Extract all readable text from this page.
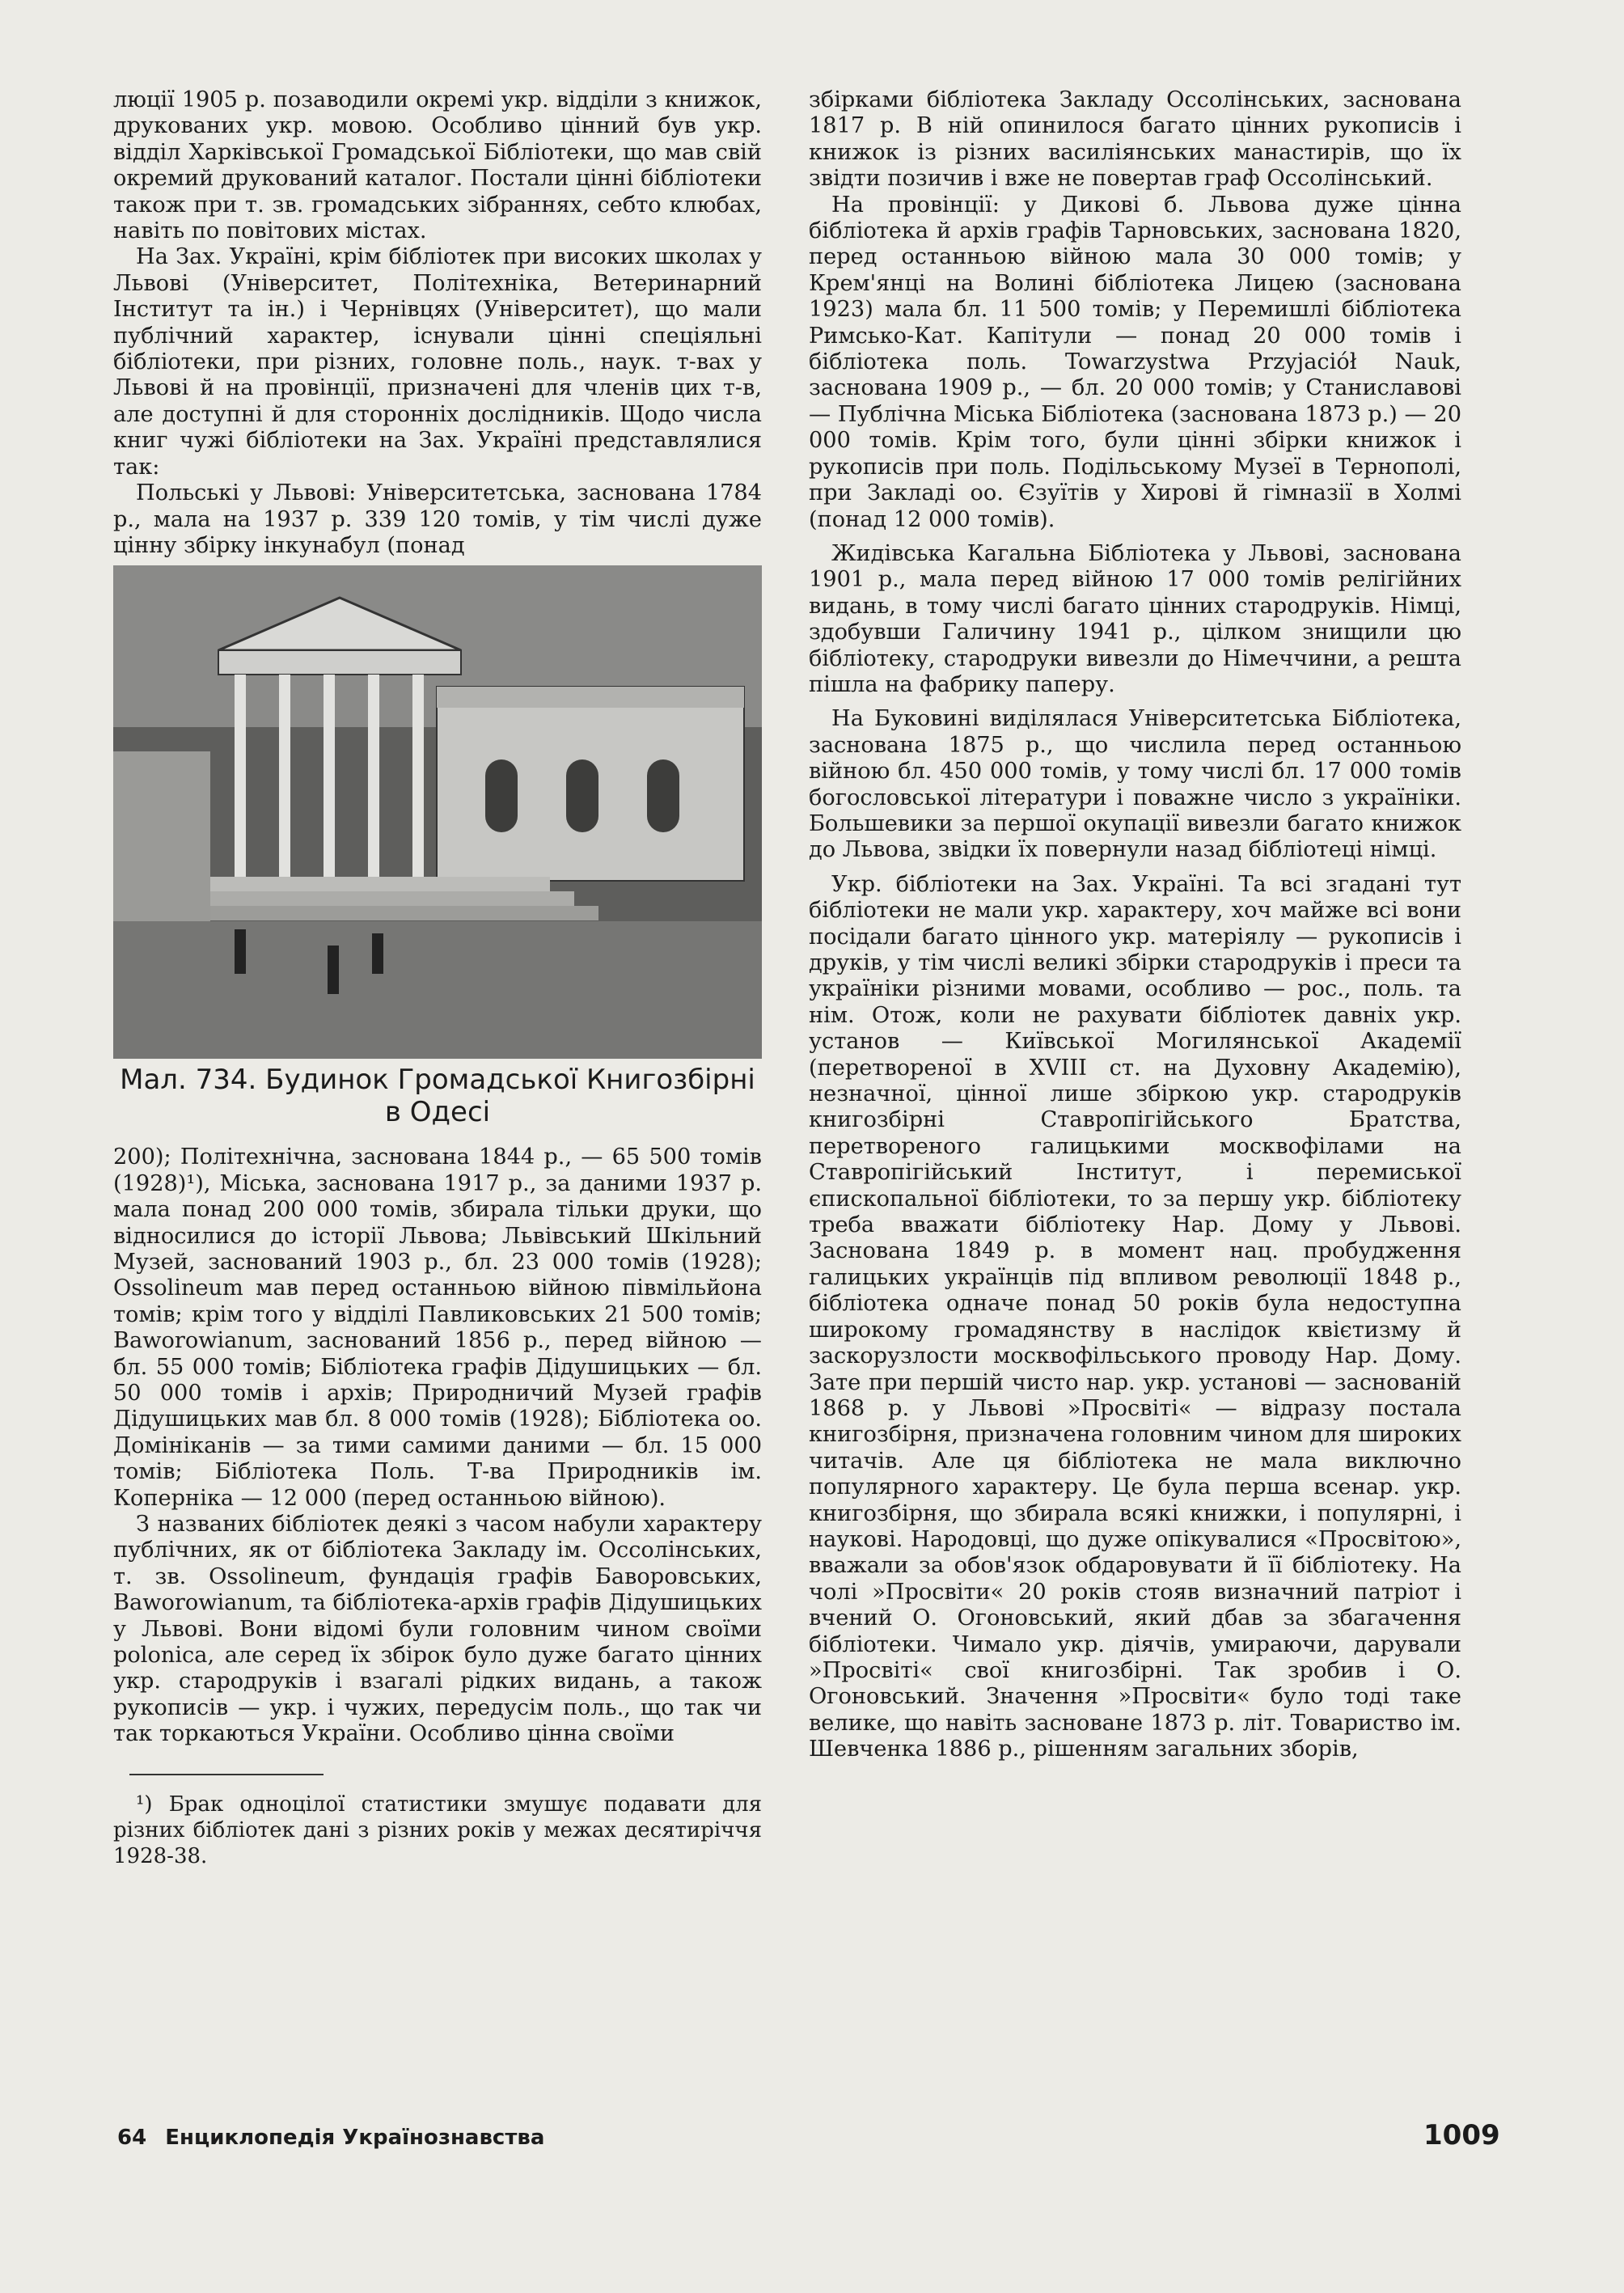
люції 1905 р. позаводили окремі укр. відділи з книжок, друкованих укр. мовою. Особливо цінний був укр. відділ Харківської Громадської Бібліотеки, що мав свій окремий друкований каталог. Постали цінні бібліотеки також при т. зв. громадських зібраннях, себто клюбах, навіть по повітових містах.

На Зах. Україні, крім бібліотек при високих школах у Львові (Університет, Політехніка, Ветеринарний Інститут та ін.) і Чернівцях (Університет), що мали публічний характер, існували цінні спеціяльні бібліотеки, при різних, головне поль., наук. т-вах у Львові й на провінції, призначені для членів цих т-в, але доступні й для сторонніх дослідників. Щодо числа книг чужі бібліотеки на Зах. Україні представлялися так:

Польські у Львові: Університетська, заснована 1784 р., мала на 1937 р. 339 120 томів, у тім числі дуже цінну збірку інкунабул (понад

Мал. 734. Будинок Громадської Книгозбірні в Одесі

200); Політехнічна, заснована 1844 р., — 65 500 томів (1928)¹), Міська, заснована 1917 р., за даними 1937 р. мала понад 200 000 томів, збирала тільки друки, що відносилися до історії Львова; Львівський Шкільний Музей, заснований 1903 р., бл. 23 000 томів (1928); Ossolineum мав перед останньою війною півмільйона томів; крім того у відділі Павликовських 21 500 томів; Baworowianum, заснований 1856 р., перед війною — бл. 55 000 томів; Бібліотека графів Дідушицьких — бл. 50 000 томів і архів; Природничий Музей графів Дідушицьких мав бл. 8 000 томів (1928); Бібліотека оо. Домініканів — за тими самими даними — бл. 15 000 томів; Бібліотека Поль. Т-ва Природників ім. Коперніка — 12 000 (перед останньою війною).

З названих бібліотек деякі з часом набули характеру публічних, як от бібліотека Закладу ім. Оссолінських, т. зв. Ossolineum, фундація графів Баворовських, Baworowianum, та бібліотека-архів графів Дідушицьких у Львові. Вони відомі були головним чином своїми polonica, але серед їх збірок було дуже багато цінних укр. стародруків і взагалі рідких видань, а також рукописів — укр. і чужих, передусім поль., що так чи так торкаються України. Особливо цінна своїми

¹) Брак одноцілої статистики змушує подавати для різних бібліотек дані з різних років у межах десятиріччя 1928-38.

збірками бібліотека Закладу Оссолінських, заснована 1817 р. В ній опинилося багато цінних рукописів і книжок із різних василіянських манастирів, що їх звідти позичив і вже не повертав граф Оссолінський.

На провінції: у Дикові б. Львова дуже цінна бібліотека й архів графів Тарновських, заснована 1820, перед останньою війною мала 30 000 томів; у Крем'янці на Волині бібліотека Лицею (заснована 1923) мала бл. 11 500 томів; у Перемишлі бібліотека Римсько-Кат. Капітули — понад 20 000 томів і бібліотека поль. Towarzystwa Przyjaciół Nauk, заснована 1909 р., — бл. 20 000 томів; у Станиславові — Публічна Міська Бібліотека (заснована 1873 р.) — 20 000 томів. Крім того, були цінні збірки книжок і рукописів при поль. Подільському Музеї в Тернополі, при Закладі оо. Єзуїтів у Хирові й гімназії в Холмі (понад 12 000 томів).

Жидівська Кагальна Бібліотека у Львові, заснована 1901 р., мала перед війною 17 000 томів релігійних видань, в тому числі багато цінних стародруків. Німці, здобувши Галичину 1941 р., цілком знищили цю бібліотеку, стародруки вивезли до Німеччини, а решта пішла на фабрику паперу.

На Буковині виділялася Університетська Бібліотека, заснована 1875 р., що числила перед останньою війною бл. 450 000 томів, у тому числі бл. 17 000 томів богословської літератури і поважне число з україніки. Большевики за першої окупації вивезли багато книжок до Львова, звідки їх повернули назад бібліотеці німці.

Укр. бібліотеки на Зах. Україні. Та всі згадані тут бібліотеки не мали укр. характеру, хоч майже всі вони посідали багато цінного укр. матеріялу — рукописів і друків, у тім числі великі збірки стародруків і преси та україніки різними мовами, особливо — рос., поль. та нім. Отож, коли не рахувати бібліотек давніх укр. установ — Київської Могилянської Академії (перетвореної в XVIII ст. на Духовну Академію), незначної, цінної лише збіркою укр. стародруків книгозбірні Ставропігійського Братства, перетвореного галицькими москвофілами на Ставропігійський Інститут, і перемиської єпископальної бібліотеки, то за першу укр. бібліотеку треба вважати бібліотеку Нар. Дому у Львові. Заснована 1849 р. в момент нац. пробудження галицьких українців під впливом революції 1848 р., бібліотека одначе понад 50 років була недоступна широкому громадянству в наслідок квієтизму й заскорузлости москвофільського проводу Нар. Дому. Зате при першій чисто нар. укр. установі — заснованій 1868 р. у Львові »Просвіті« — відразу постала книгозбірня, призначена головним чином для широких читачів. Але ця бібліотека не мала виключно популярного характеру. Це була перша всенар. укр. книгозбірня, що збирала всякі книжки, і популярні, і наукові. Народовці, що дуже опікувалися «Просвітою», вважали за обов'язок обдаровувати й її бібліотеку. На чолі »Просвіти« 20 років стояв визначний патріот і вчений О. Огоновський, який дбав за збагачення бібліотеки. Чимало укр. діячів, умираючи, дарували »Просвіті« свої книгозбірні. Так зробив і О. Огоновський. Значення »Просвіти« було тоді таке велике, що навіть засноване 1873 р. літ. Товариство ім. Шевченка 1886 р., рішенням загальних зборів,

64 Енциклопедія Українознавства	1009
